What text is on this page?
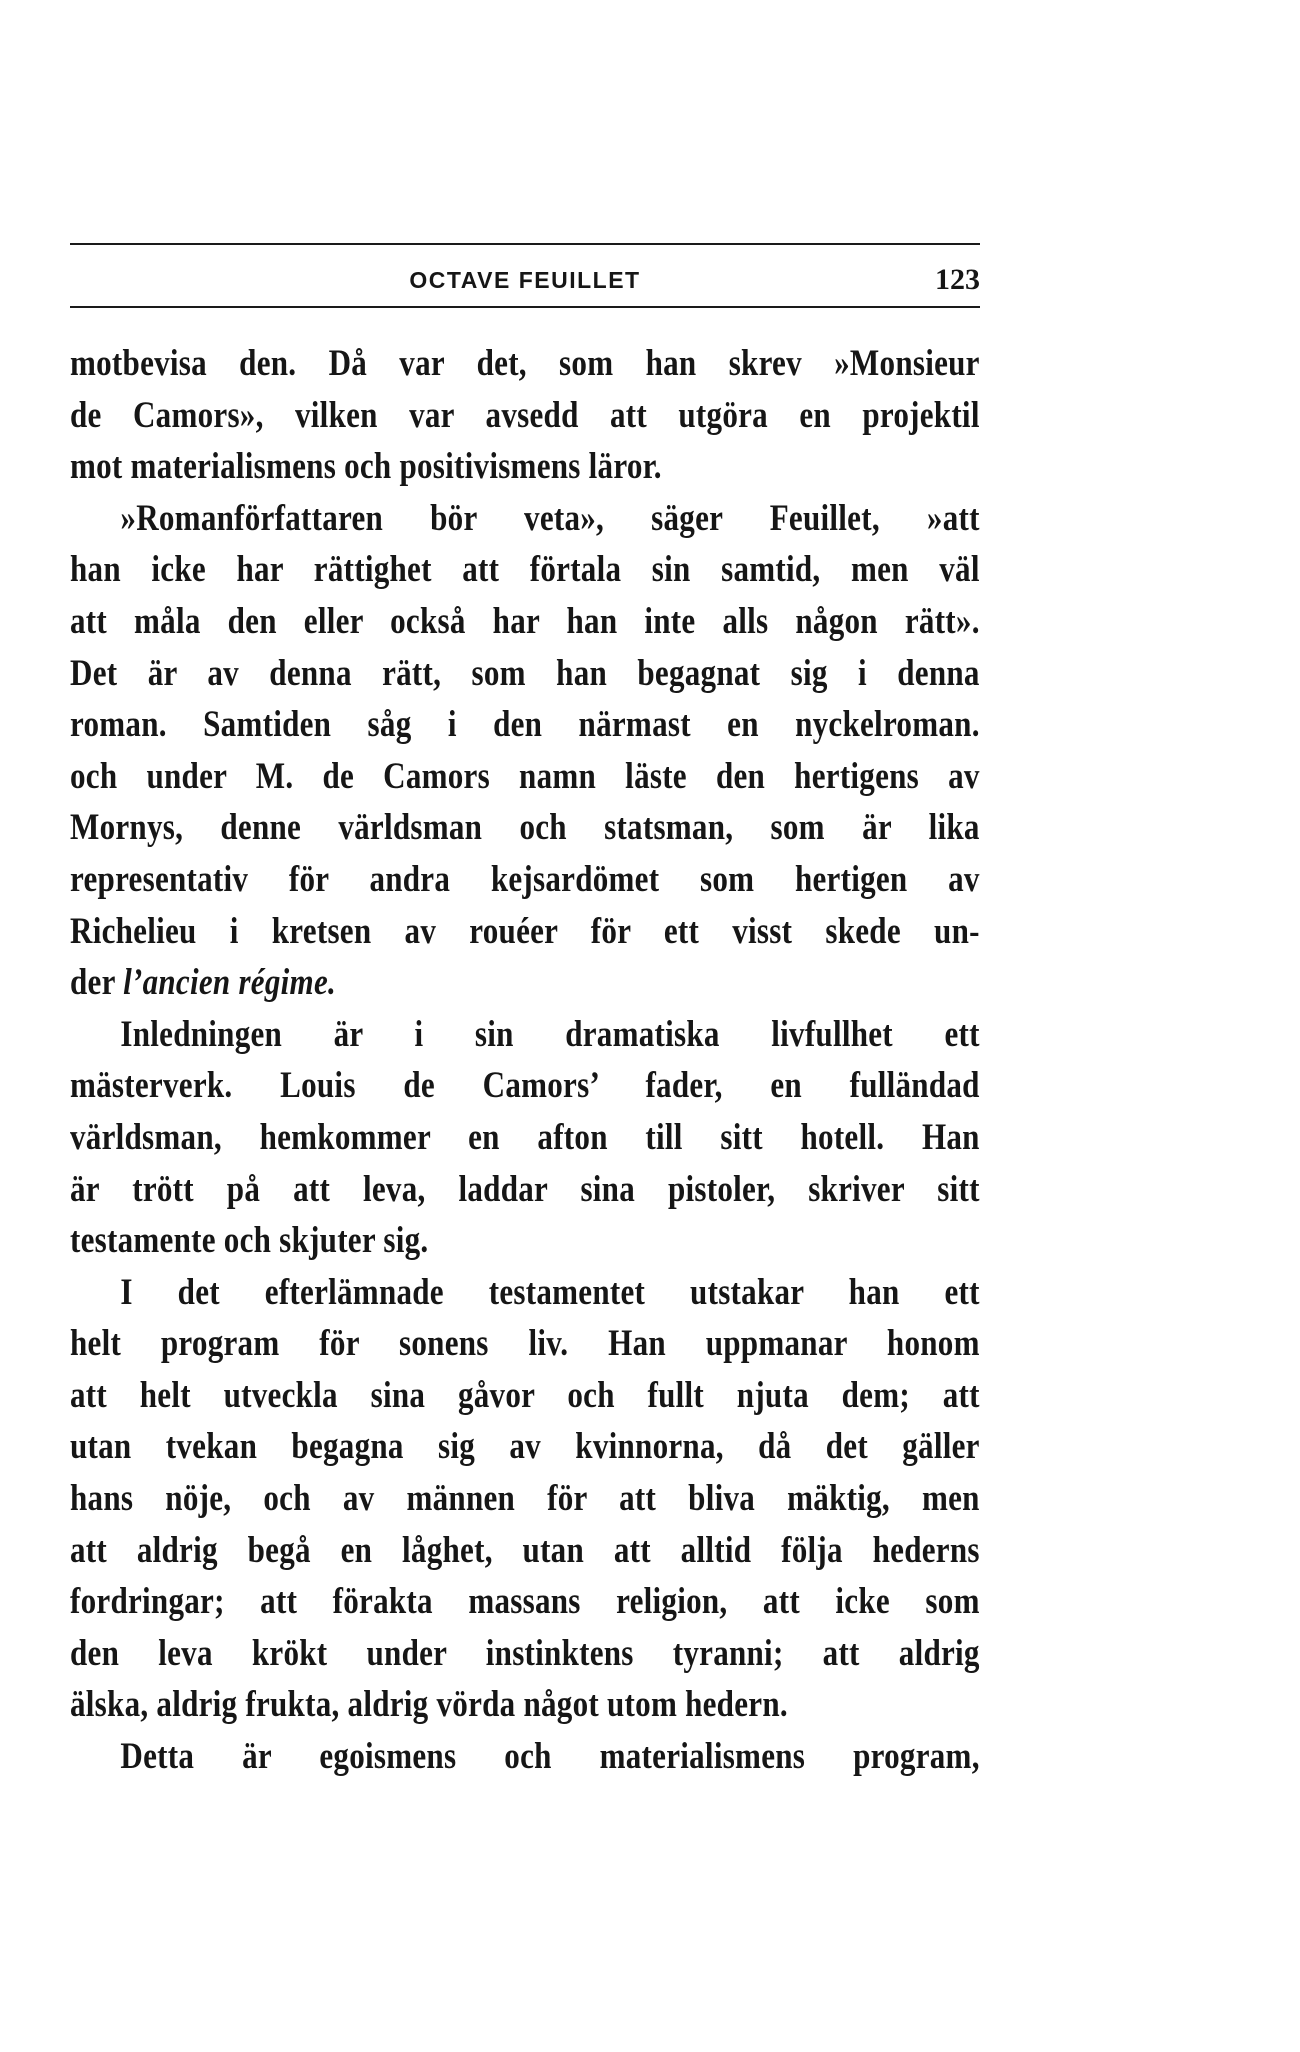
OCTAVE FEUILLET	123
motbevisa den. Då var det, som han skrev »Monsieur
de Camors», vilken var avsedd att utgöra en projektil
mot materialismens och positivismens läror.
»Romanförfattaren bör veta», säger Feuillet, »att
han icke har rättighet att förtala sin samtid, men väl
att måla den eller också har han inte alls någon rätt».
Det är av denna rätt, som han begagnat sig i denna
roman. Samtiden såg i den närmast en nyckelroman.
och under M. de Camors namn läste den hertigens av
Mornys, denne världsman och statsman, som är lika
representativ för andra kejsardömet som hertigen av
Richelieu i kretsen av rouéer för ett visst skede un-
der l’ancien régime.
Inledningen är i sin dramatiska livfullhet ett
mästerverk. Louis de Camors’ fader, en fulländad
världsman, hemkommer en afton till sitt hotell. Han
är trött på att leva, laddar sina pistoler, skriver sitt
testamente och skjuter sig.
I det efterlämnade testamentet utstakar han ett
helt program för sonens liv. Han uppmanar honom
att helt utveckla sina gåvor och fullt njuta dem; att
utan tvekan begagna sig av kvinnorna, då det gäller
hans nöje, och av männen för att bliva mäktig, men
att aldrig begå en låghet, utan att alltid följa hederns
fordringar; att förakta massans religion, att icke som
den leva krökt under instinktens tyranni; att aldrig
älska, aldrig frukta, aldrig vörda något utom hedern.
Detta är egoismens och materialismens program,
